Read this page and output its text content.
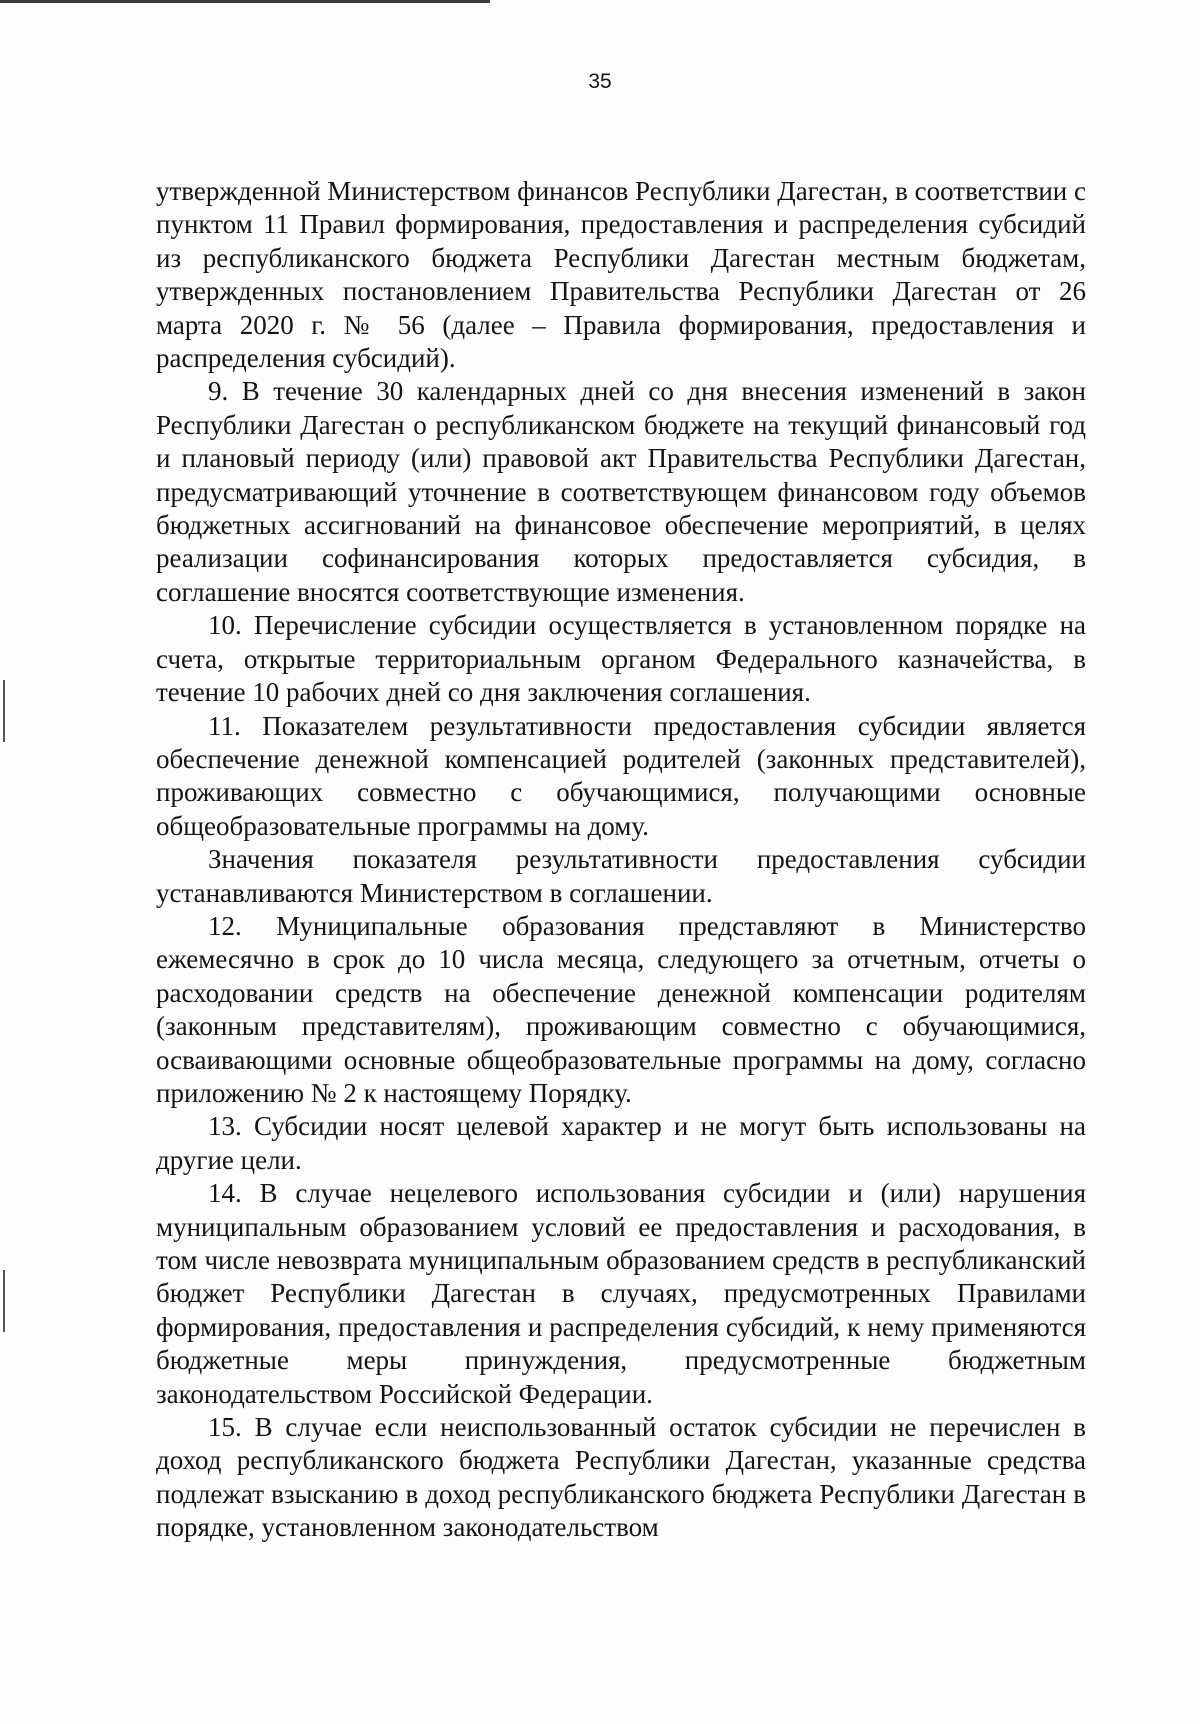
35

утвержденной Министерством финансов Республики Дагестан, в соответствии с пунктом 11 Правил формирования, предоставления и распределения субсидий из республиканского бюджета Республики Дагестан местным бюджетам, утвержденных постановлением Правительства Республики Дагестан от 26 марта 2020 г. № 56 (далее – Правила формирования, предоставления и распределения субсидий).

9. В течение 30 календарных дней со дня внесения изменений в закон Республики Дагестан о республиканском бюджете на текущий финансовый год и плановый периоду (или) правовой акт Правительства Республики Дагестан, предусматривающий уточнение в соответствующем финансовом году объемов бюджетных ассигнований на финансовое обеспечение мероприятий, в целях реализации софинансирования которых предоставляется субсидия, в соглашение вносятся соответствующие изменения.

10. Перечисление субсидии осуществляется в установленном порядке на счета, открытые территориальным органом Федерального казначейства, в течение 10 рабочих дней со дня заключения соглашения.

11. Показателем результативности предоставления субсидии является обеспечение денежной компенсацией родителей (законных представителей), проживающих совместно с обучающимися, получающими основные общеобразовательные программы на дому.

Значения показателя результативности предоставления субсидии устанавливаются Министерством в соглашении.

12. Муниципальные образования представляют в Министерство ежемесячно в срок до 10 числа месяца, следующего за отчетным, отчеты о расходовании средств на обеспечение денежной компенсации родителям (законным представителям), проживающим совместно с обучающимися, осваивающими основные общеобразовательные программы на дому, согласно приложению № 2 к настоящему Порядку.

13. Субсидии носят целевой характер и не могут быть использованы на другие цели.

14. В случае нецелевого использования субсидии и (или) нарушения муниципальным образованием условий ее предоставления и расходования, в том числе невозврата муниципальным образованием средств в республиканский бюджет Республики Дагестан в случаях, предусмотренных Правилами формирования, предоставления и распределения субсидий, к нему применяются бюджетные меры принуждения, предусмотренные бюджетным законодательством Российской Федерации.

15. В случае если неиспользованный остаток субсидии не перечислен в доход республиканского бюджета Республики Дагестан, указанные средства подлежат взысканию в доход республиканского бюджета Республики Дагестан в порядке, установленном законодательством
